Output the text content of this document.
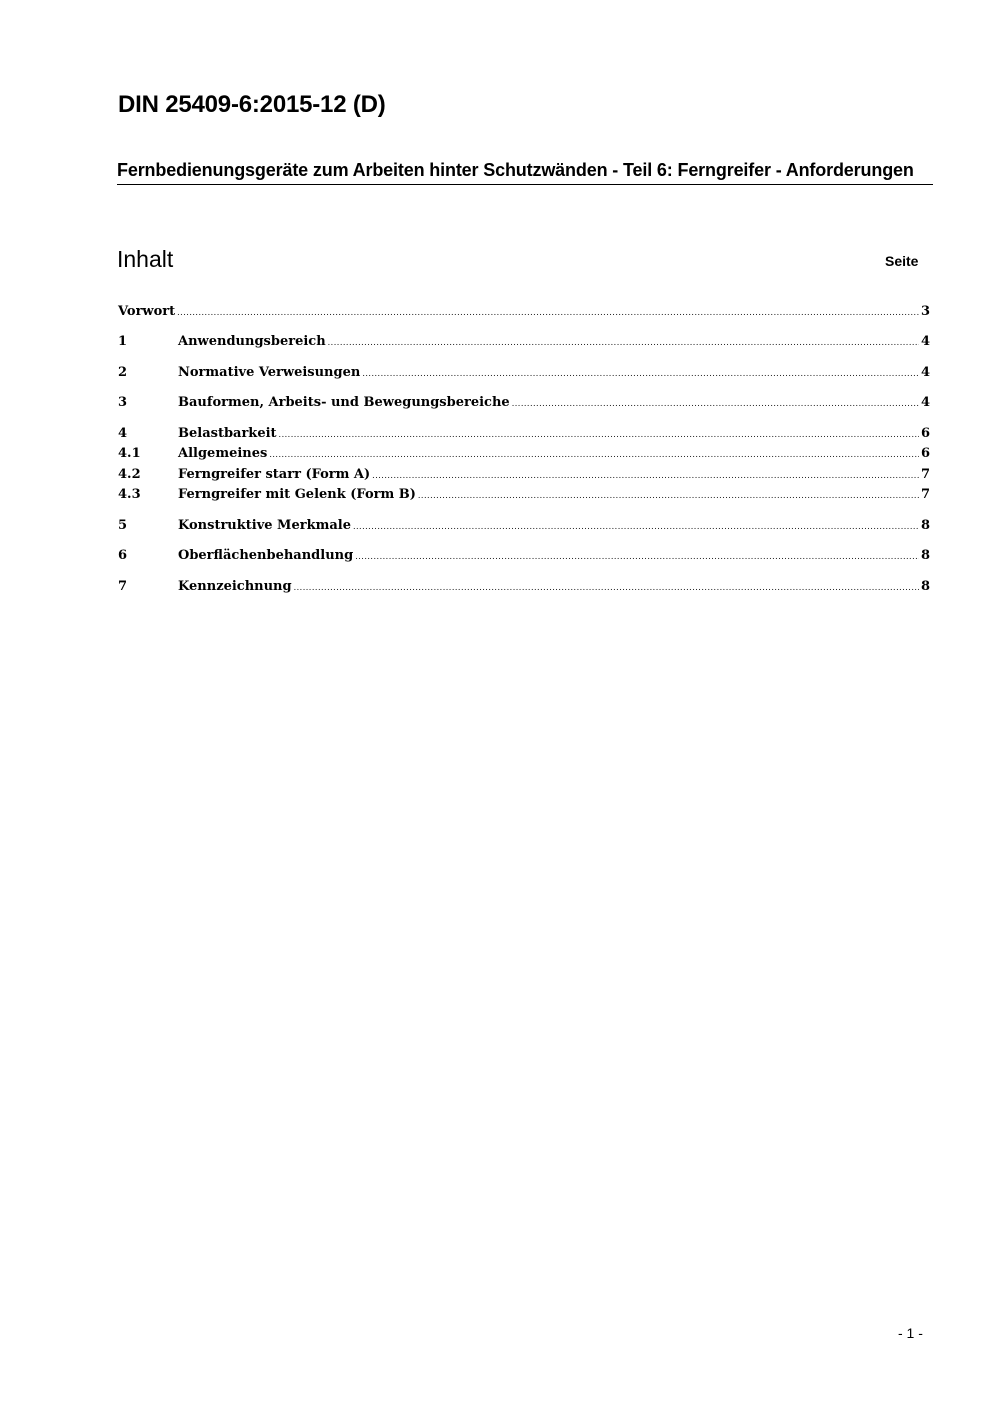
DIN 25409-6:2015-12 (D)
Fernbedienungsgeräte zum Arbeiten hinter Schutzwänden - Teil 6: Ferngreifer - Anforderungen
Inhalt	Seite
Vorwort .....	3
1	Anwendungsbereich .....	4
2	Normative Verweisungen .....	4
3	Bauformen, Arbeits- und Bewegungsbereiche .....	4
4	Belastbarkeit .....	6
4.1	Allgemeines .....	6
4.2	Ferngreifer starr (Form A) .....	7
4.3	Ferngreifer mit Gelenk (Form B) .....	7
5	Konstruktive Merkmale .....	8
6	Oberflächenbehandlung .....	8
7	Kennzeichnung .....	8
- 1 -
